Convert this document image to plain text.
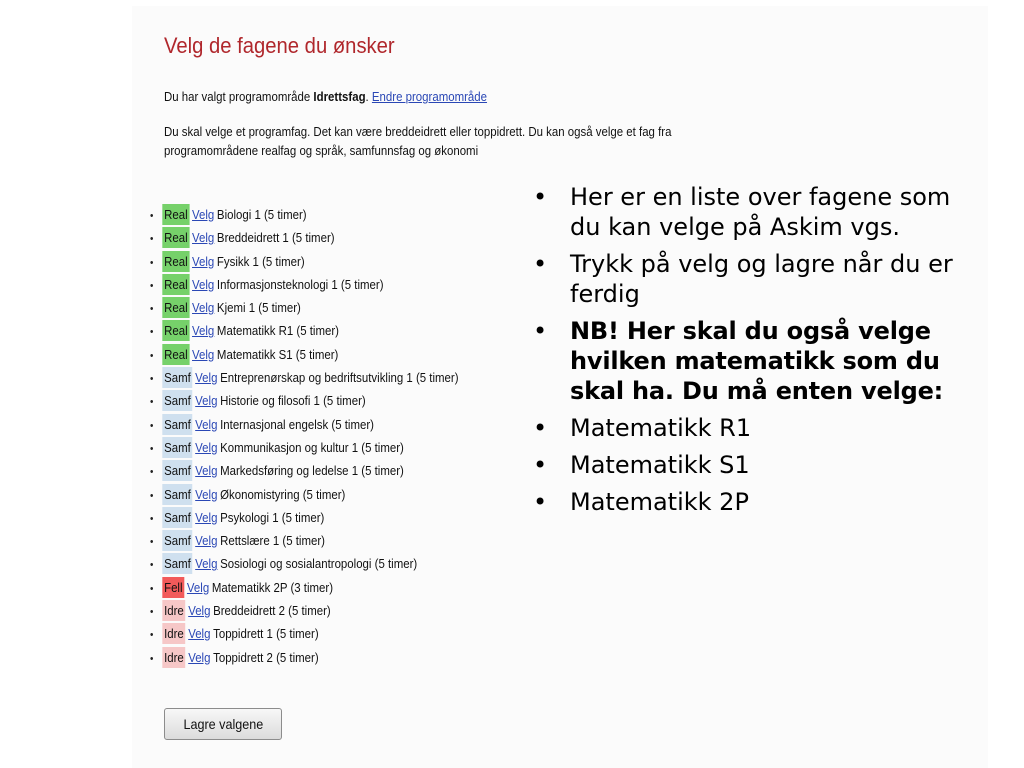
Velg de fagene du ønsker
Du har valgt programområde Idrettsfag. Endre programområde
Du skal velge et programfag. Det kan være breddeidrett eller toppidrett. Du kan også velge et fag fra
programområdene realfag og språk, samfunnsfag og økonomi
• Real Velg Biologi 1 (5 timer)
• Real Velg Breddeidrett 1 (5 timer)
• Real Velg Fysikk 1 (5 timer)
• Real Velg Informasjonsteknologi 1 (5 timer)
• Real Velg Kjemi 1 (5 timer)
• Real Velg Matematikk R1 (5 timer)
• Real Velg Matematikk S1 (5 timer)
• Samf Velg Entreprenørskap og bedriftsutvikling 1 (5 timer)
• Samf Velg Historie og filosofi 1 (5 timer)
• Samf Velg Internasjonal engelsk (5 timer)
• Samf Velg Kommunikasjon og kultur 1 (5 timer)
• Samf Velg Markedsføring og ledelse 1 (5 timer)
• Samf Velg Økonomistyring (5 timer)
• Samf Velg Psykologi 1 (5 timer)
• Samf Velg Rettslære 1 (5 timer)
• Samf Velg Sosiologi og sosialantropologi (5 timer)
• Fell Velg Matematikk 2P (3 timer)
• Idre Velg Breddeidrett 2 (5 timer)
• Idre Velg Toppidrett 1 (5 timer)
• Idre Velg Toppidrett 2 (5 timer)
Lagre valgene
• Her er en liste over fagene som du kan velge på Askim vgs.
• Trykk på velg og lagre når du er ferdig
• NB! Her skal du også velge hvilken matematikk som du skal ha. Du må enten velge:
• Matematikk R1
• Matematikk S1
• Matematikk 2P
